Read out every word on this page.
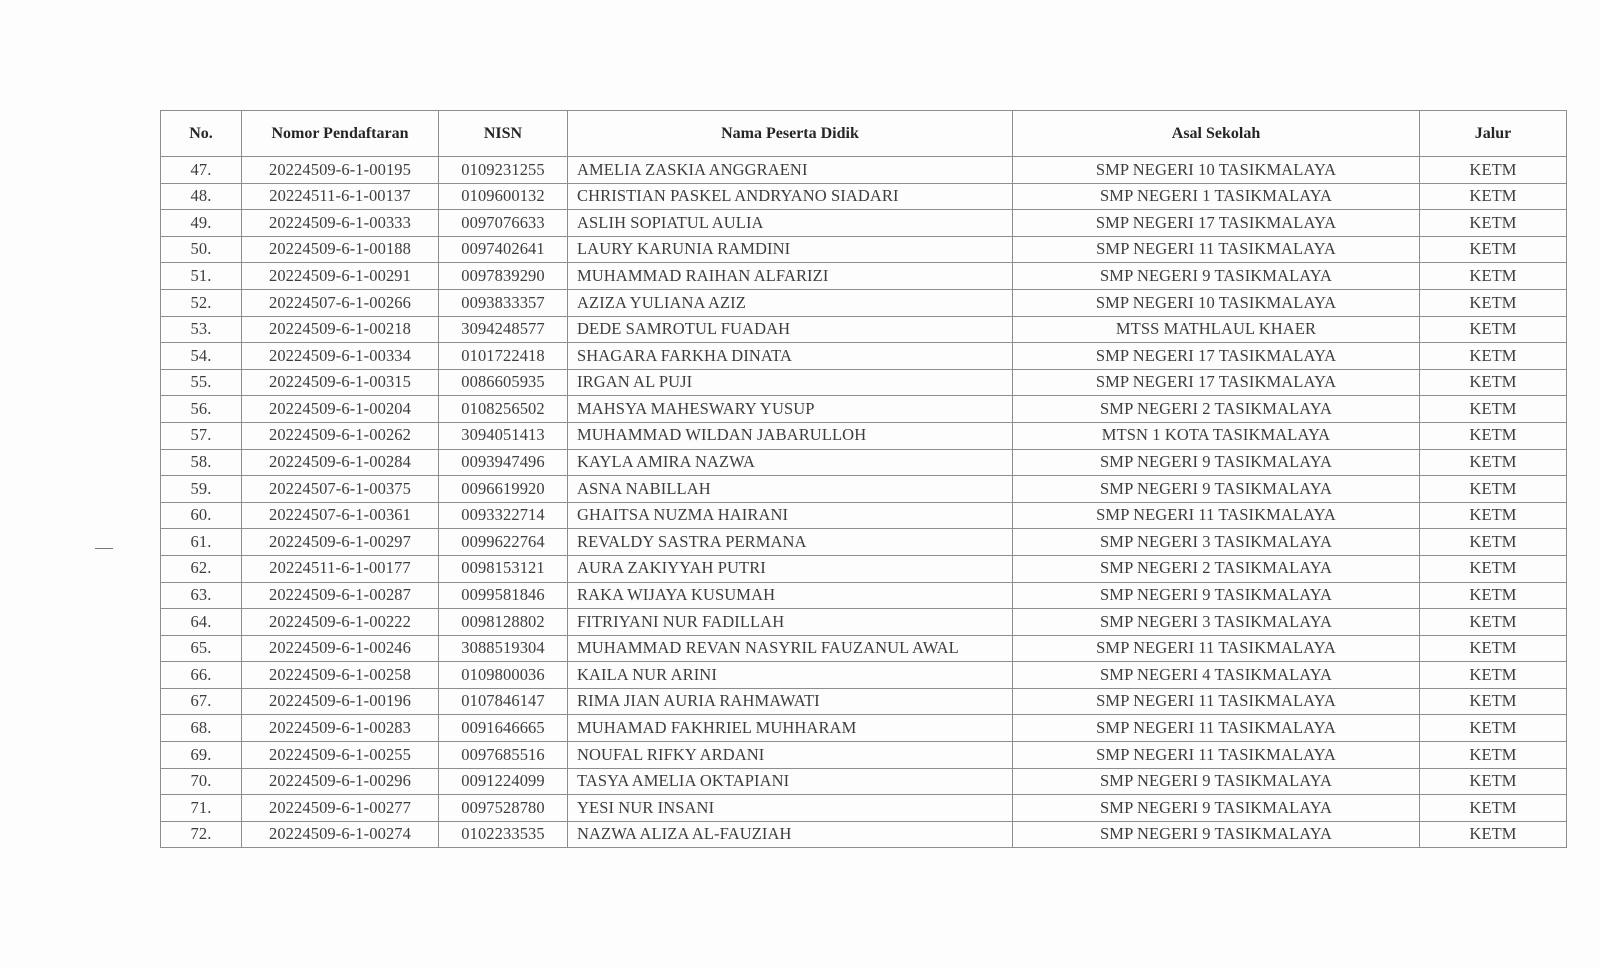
No.	Nomor Pendaftaran	NISN	Nama Peserta Didik	Asal Sekolah	Jalur
47.	20224509-6-1-00195	0109231255	AMELIA ZASKIA ANGGRAENI	SMP NEGERI 10 TASIKMALAYA	KETM
48.	20224511-6-1-00137	0109600132	CHRISTIAN PASKEL ANDRYANO SIADARI	SMP NEGERI 1 TASIKMALAYA	KETM
49.	20224509-6-1-00333	0097076633	ASLIH SOPIATUL AULIA	SMP NEGERI 17 TASIKMALAYA	KETM
50.	20224509-6-1-00188	0097402641	LAURY KARUNIA RAMDINI	SMP NEGERI 11 TASIKMALAYA	KETM
51.	20224509-6-1-00291	0097839290	MUHAMMAD RAIHAN ALFARIZI	SMP NEGERI 9 TASIKMALAYA	KETM
52.	20224507-6-1-00266	0093833357	AZIZA YULIANA AZIZ	SMP NEGERI 10 TASIKMALAYA	KETM
53.	20224509-6-1-00218	3094248577	DEDE SAMROTUL FUADAH	MTSS MATHLAUL KHAER	KETM
54.	20224509-6-1-00334	0101722418	SHAGARA FARKHA DINATA	SMP NEGERI 17 TASIKMALAYA	KETM
55.	20224509-6-1-00315	0086605935	IRGAN AL PUJI	SMP NEGERI 17 TASIKMALAYA	KETM
56.	20224509-6-1-00204	0108256502	MAHSYA MAHESWARY YUSUP	SMP NEGERI 2 TASIKMALAYA	KETM
57.	20224509-6-1-00262	3094051413	MUHAMMAD WILDAN JABARULLOH	MTSN 1 KOTA TASIKMALAYA	KETM
58.	20224509-6-1-00284	0093947496	KAYLA AMIRA NAZWA	SMP NEGERI 9 TASIKMALAYA	KETM
59.	20224507-6-1-00375	0096619920	ASNA NABILLAH	SMP NEGERI 9 TASIKMALAYA	KETM
60.	20224507-6-1-00361	0093322714	GHAITSA NUZMA HAIRANI	SMP NEGERI 11 TASIKMALAYA	KETM
61.	20224509-6-1-00297	0099622764	REVALDY SASTRA PERMANA	SMP NEGERI 3 TASIKMALAYA	KETM
62.	20224511-6-1-00177	0098153121	AURA ZAKIYYAH PUTRI	SMP NEGERI 2 TASIKMALAYA	KETM
63.	20224509-6-1-00287	0099581846	RAKA WIJAYA KUSUMAH	SMP NEGERI 9 TASIKMALAYA	KETM
64.	20224509-6-1-00222	0098128802	FITRIYANI NUR FADILLAH	SMP NEGERI 3 TASIKMALAYA	KETM
65.	20224509-6-1-00246	3088519304	MUHAMMAD REVAN NASYRIL FAUZANUL AWAL	SMP NEGERI 11 TASIKMALAYA	KETM
66.	20224509-6-1-00258	0109800036	KAILA NUR ARINI	SMP NEGERI 4 TASIKMALAYA	KETM
67.	20224509-6-1-00196	0107846147	RIMA JIAN AURIA RAHMAWATI	SMP NEGERI 11 TASIKMALAYA	KETM
68.	20224509-6-1-00283	0091646665	MUHAMAD FAKHRIEL MUHHARAM	SMP NEGERI 11 TASIKMALAYA	KETM
69.	20224509-6-1-00255	0097685516	NOUFAL RIFKY ARDANI	SMP NEGERI 11 TASIKMALAYA	KETM
70.	20224509-6-1-00296	0091224099	TASYA AMELIA OKTAPIANI	SMP NEGERI 9 TASIKMALAYA	KETM
71.	20224509-6-1-00277	0097528780	YESI NUR INSANI	SMP NEGERI 9 TASIKMALAYA	KETM
72.	20224509-6-1-00274	0102233535	NAZWA ALIZA AL-FAUZIAH	SMP NEGERI 9 TASIKMALAYA	KETM
